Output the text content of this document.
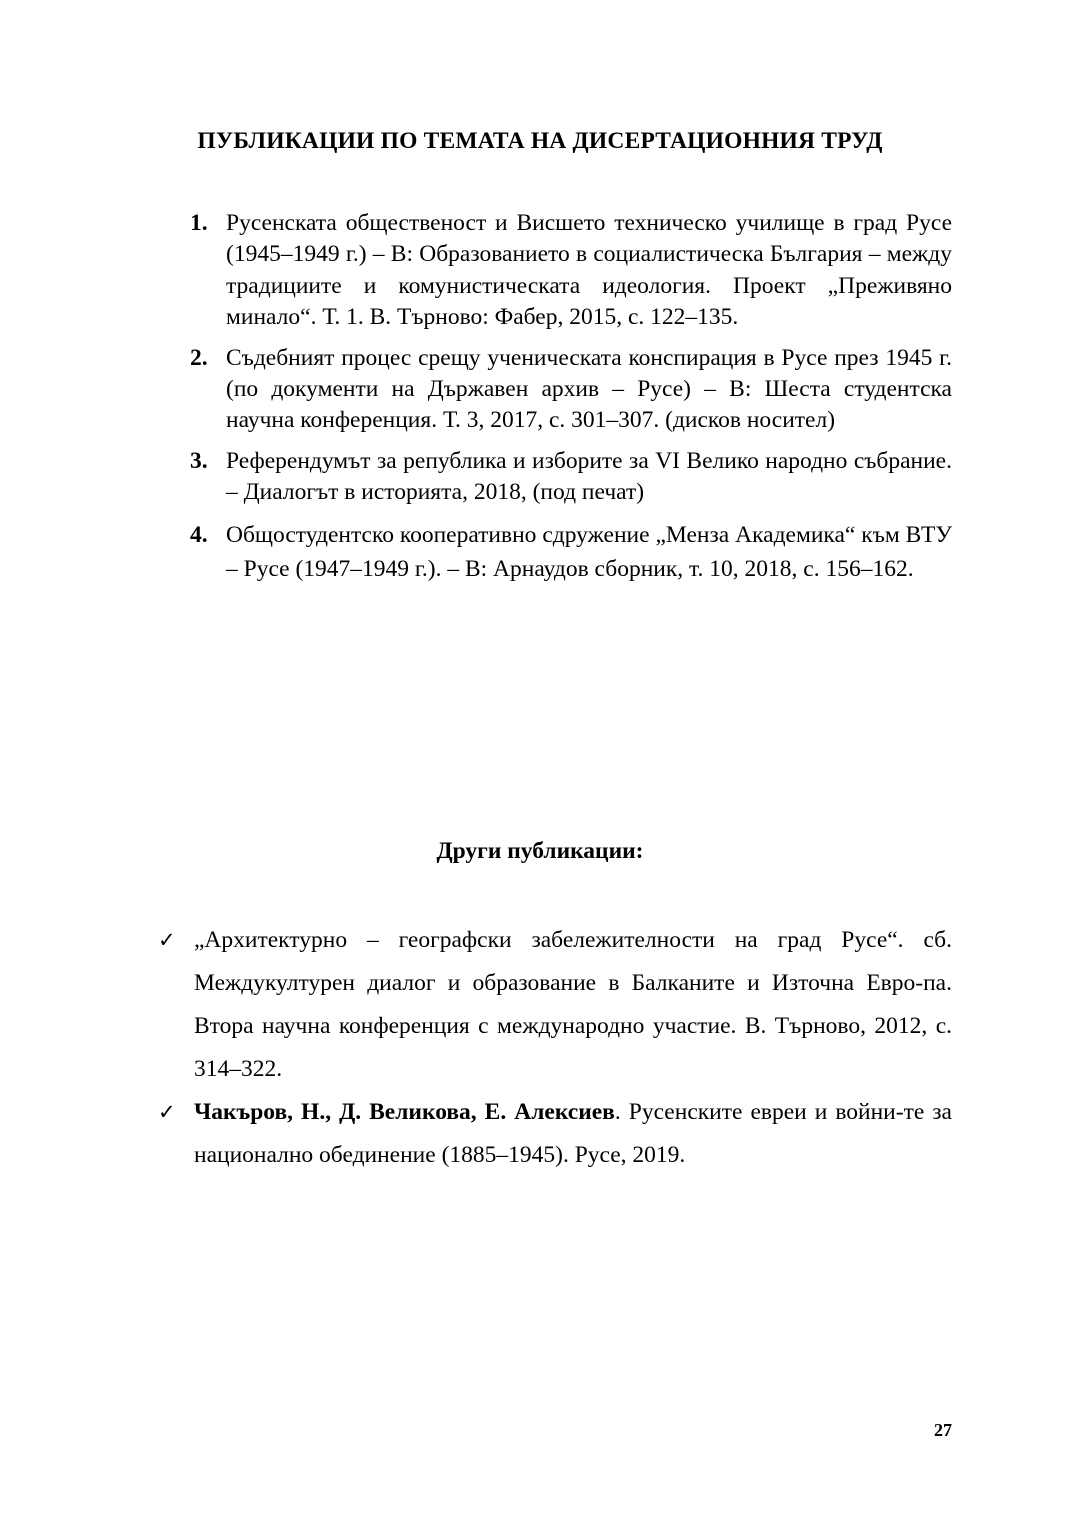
ПУБЛИКАЦИИ ПО ТЕМАТА НА ДИСЕРТАЦИОННИЯ ТРУД
1. Русенската общественост и Висшето техническо училище в град Русе (1945–1949 г.) – В: Образованието в социалистическа България – между традициите и комунистическата идеология. Проект „Преживяно минало“. Т. 1. В. Търново: Фабер, 2015, с. 122–135.
2. Съдебният процес срещу ученическата конспирация в Русе през 1945 г. (по документи на Държавен архив – Русе) – В: Шеста студентска научна конференция. Т. 3, 2017, с. 301–307. (дисков носител)
3. Референдумът за република и изборите за VI Велико народно събрание. – Диалогът в историята, 2018, (под печат)
4. Общостудентско кооперативно сдружение „Менза Академика“ към ВТУ – Русе (1947–1949 г.). – В: Арнаудов сборник, т. 10, 2018, с. 156–162.
Други публикации:
✓ „Архитектурно – географски забележителности на град Русе“. сб. Междукултурен диалог и образование в Балканите и Източна Евро-па. Втора научна конференция с международно участие. В. Търново, 2012, с. 314–322.
✓ Чакъров, Н., Д. Великова, Е. Алексиев. Русенските евреи и войни-те за национално обединение (1885–1945). Русе, 2019.
27
